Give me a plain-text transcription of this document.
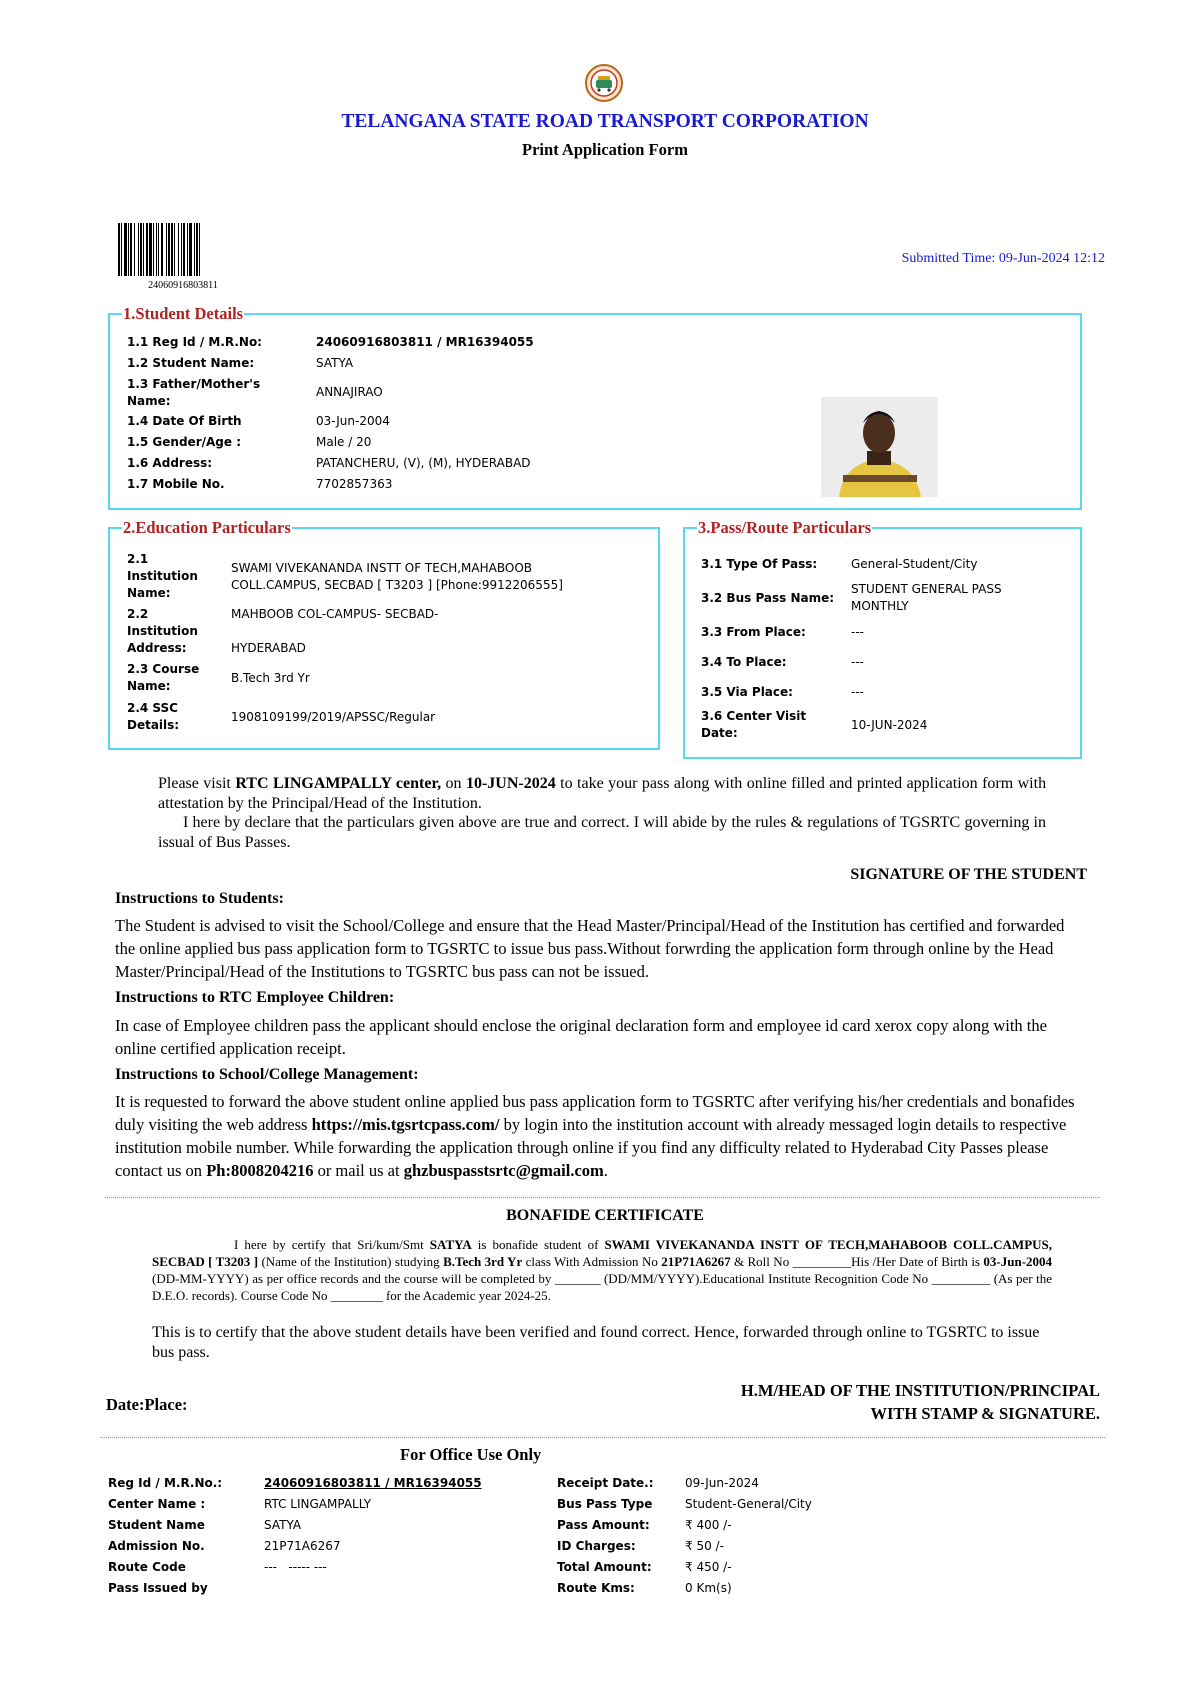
TELANGANA STATE ROAD TRANSPORT CORPORATION
Print Application Form
24060916803811
Submitted Time: 09-Jun-2024 12:12
1.Student Details
1.1 Reg Id / M.R.No:	24060916803811 / MR16394055
1.2 Student Name:	SATYA
1.3 Father/Mother's Name:
ANNAJIRAO
1.4 Date Of Birth	03-Jun-2004
1.5 Gender/Age :	Male / 20
1.6 Address:	PATANCHERU, (V), (M), HYDERABAD
1.7 Mobile No.	7702857363
2.Education Particulars
2.1 Institution Name:
SWAMI VIVEKANANDA INSTT OF TECH,MAHABOOB COLL.CAMPUS, SECBAD [ T3203 ] [Phone:9912206555]
2.2 Institution Address:
MAHBOOB COL-CAMPUS- SECBAD-
HYDERABAD
2.3 Course Name:
B.Tech 3rd Yr
2.4 SSC Details:
1908109199/2019/APSSC/Regular
3.Pass/Route Particulars
3.1 Type Of Pass:	General-Student/City
3.2 Bus Pass Name:
STUDENT GENERAL PASS MONTHLY
3.3 From Place:	---
3.4 To Place:	---
3.5 Via Place:	---
3.6 Center Visit Date:
10-JUN-2024
Please visit RTC LINGAMPALLY center, on 10-JUN-2024 to take your pass along with online filled and printed application form with attestation by the Principal/Head of the Institution.
I here by declare that the particulars given above are true and correct. I will abide by the rules & regulations of TGSRTC governing in issual of Bus Passes.
SIGNATURE OF THE STUDENT
Instructions to Students:
The Student is advised to visit the School/College and ensure that the Head Master/Principal/Head of the Institution has certified and forwarded the online applied bus pass application form to TGSRTC to issue bus pass.Without forwrding the application form through online by the Head Master/Principal/Head of the Institutions to TGSRTC bus pass can not be issued.
Instructions to RTC Employee Children:
In case of Employee children pass the applicant should enclose the original declaration form and employee id card xerox copy along with the online certified application receipt.
Instructions to School/College Management:
It is requested to forward the above student online applied bus pass application form to TGSRTC after verifying his/her credentials and bonafides duly visiting the web address https://mis.tgsrtcpass.com/ by login into the institution account with already messaged login details to respective institution mobile number. While forwarding the application through online if you find any difficulty related to Hyderabad City Passes please contact us on Ph:8008204216 or mail us at ghzbuspasstsrtc@gmail.com.
BONAFIDE CERTIFICATE
I here by certify that Sri/kum/Smt SATYA is bonafide student of SWAMI VIVEKANANDA INSTT OF TECH,MAHABOOB COLL.CAMPUS, SECBAD [ T3203 ] (Name of the Institution) studying B.Tech 3rd Yr class With Admission No 21P71A6267 & Roll No _________His /Her Date of Birth is 03-Jun-2004 (DD-MM-YYYY) as per office records and the course will be completed by _______ (DD/MM/YYYY).Educational Institute Recognition Code No _________ (As per the D.E.O. records). Course Code No ________ for the Academic year 2024-25.
This is to certify that the above student details have been verified and found correct. Hence, forwarded through online to TGSRTC to issue bus pass.
Date:Place:
H.M/HEAD OF THE INSTITUTION/PRINCIPAL
WITH STAMP & SIGNATURE.
For Office Use Only
Reg Id / M.R.No.:	24060916803811 / MR16394055
Center Name :	RTC LINGAMPALLY
Student Name	SATYA
Admission No.	21P71A6267
Route Code	---   ----- ---
Pass Issued by
Receipt Date.:	09-Jun-2024
Bus Pass Type	Student-General/City
Pass Amount:	₹ 400 /-
ID Charges:	₹ 50 /-
Total Amount:	₹ 450 /-
Route Kms:	0 Km(s)
